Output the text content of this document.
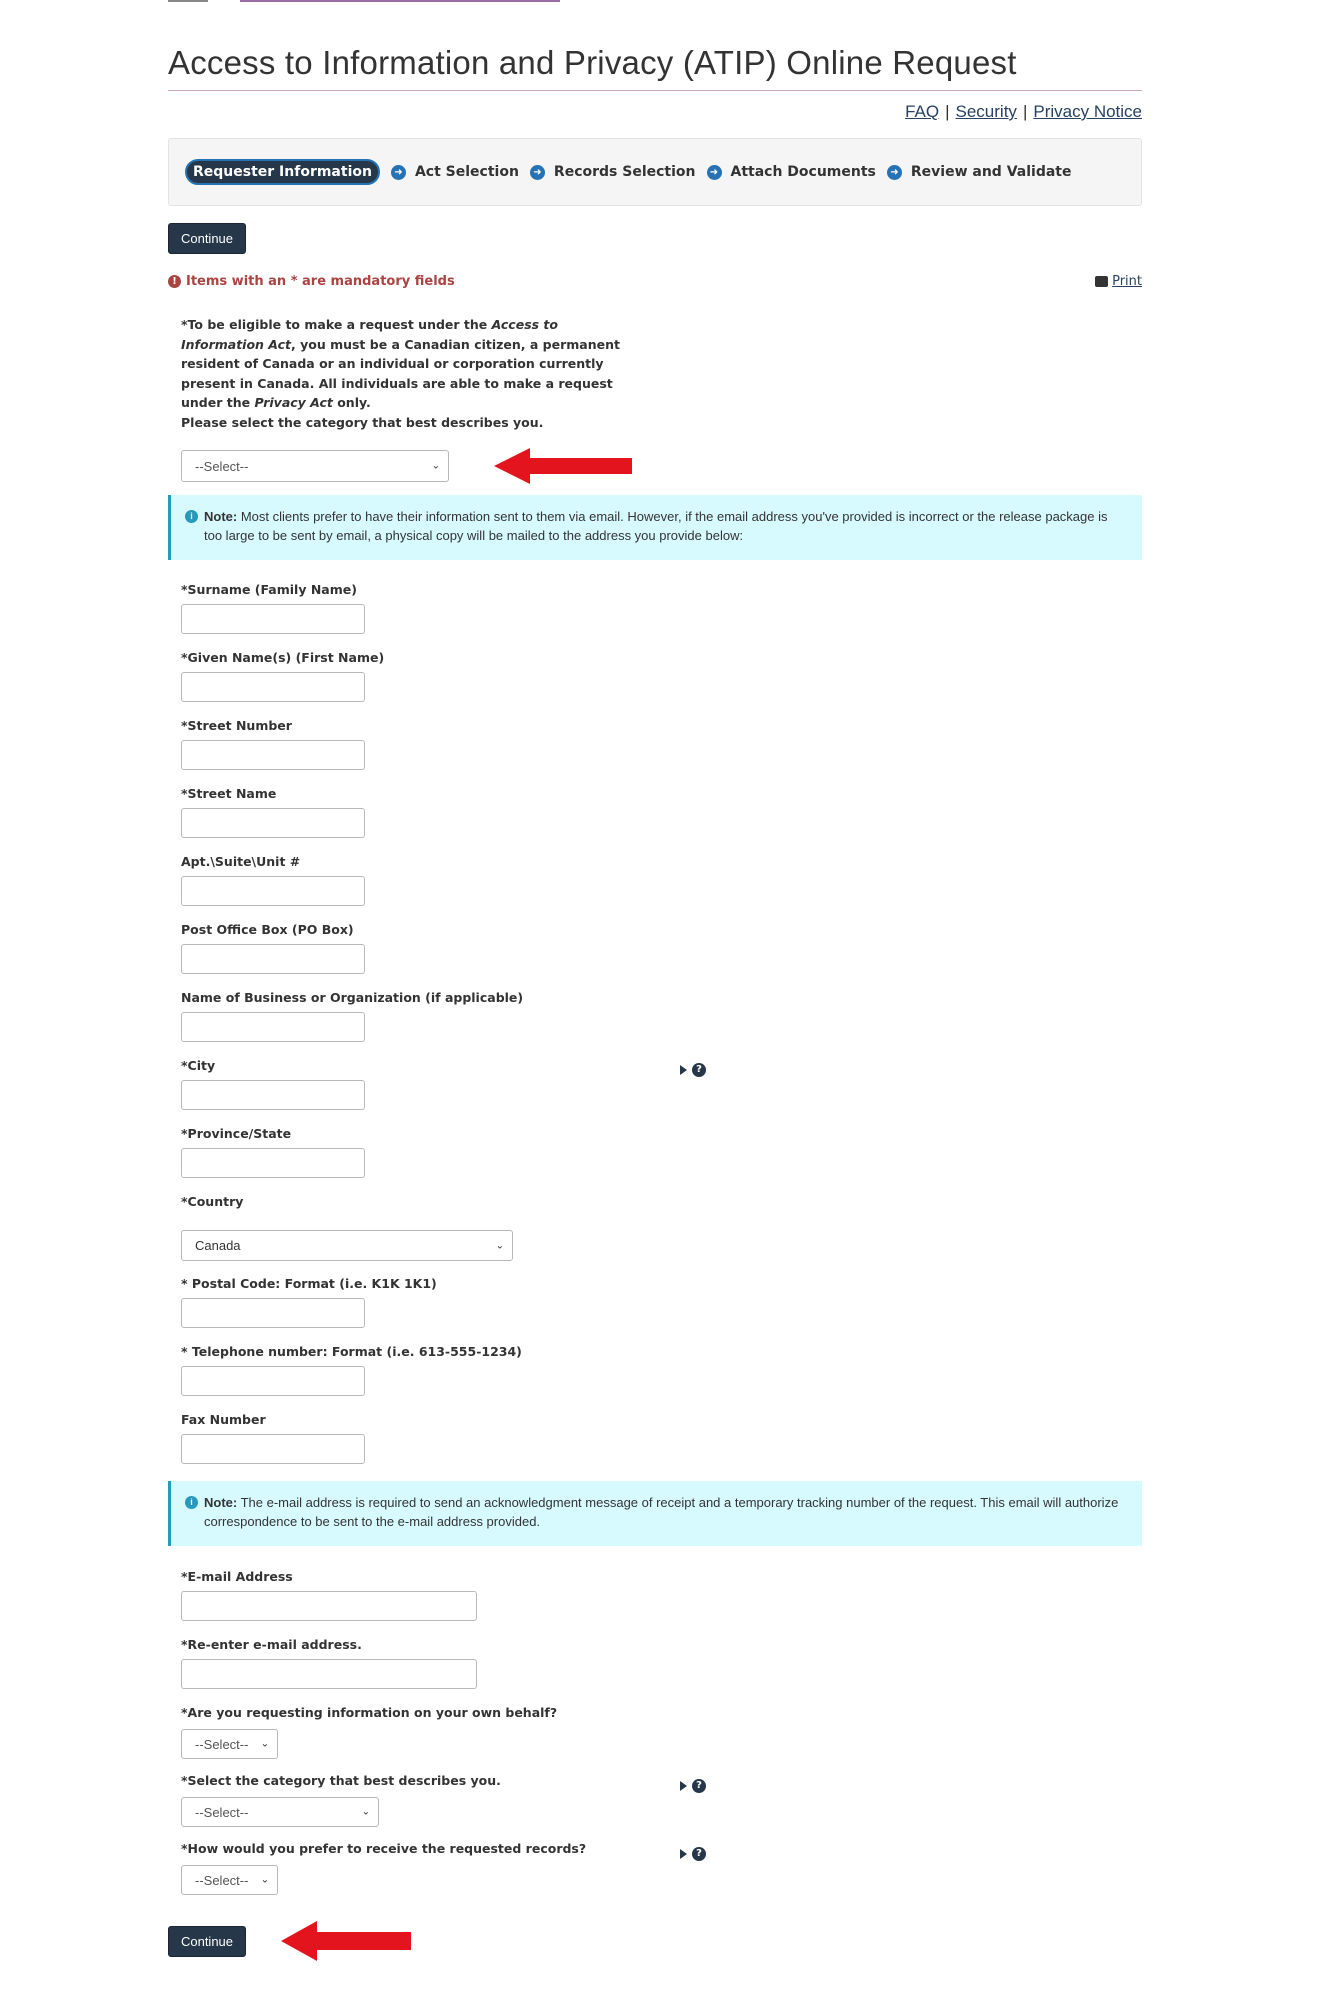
Access to Information and Privacy (ATIP) Online Request
FAQ | Security | Privacy Notice
Requester Information	➜ Act Selection	➜ Records Selection	➜ Attach Documents	➜ Review and Validate
Continue
! Items with an * are mandatory fields	Print
*To be eligible to make a request under the Access to Information Act, you must be a Canadian citizen, a permanent resident of Canada or an individual or corporation currently present in Canada. All individuals are able to make a request under the Privacy Act only.
Please select the category that best describes you.
--Select--	⌄
i Note: Most clients prefer to have their information sent to them via email. However, if the email address you've provided is incorrect or the release package is too large to be sent by email, a physical copy will be mailed to the address you provide below:
*Surname (Family Name)
*Given Name(s) (First Name)
*Street Number
*Street Name
Apt.\Suite\Unit #
Post Office Box (PO Box)
Name of Business or Organization (if applicable)
*City	?
*Province/State
*Country
Canada	⌄
* Postal Code: Format (i.e. K1K 1K1)
* Telephone number: Format (i.e. 613-555-1234)
Fax Number
i Note: The e-mail address is required to send an acknowledgment message of receipt and a temporary tracking number of the request. This email will authorize correspondence to be sent to the e-mail address provided.
*E-mail Address
*Re-enter e-mail address.
*Are you requesting information on your own behalf?
--Select-- ⌄
*Select the category that best describes you.
--Select--	⌄
?
*How would you prefer to receive the requested records?
--Select-- ⌄
?
Continue
